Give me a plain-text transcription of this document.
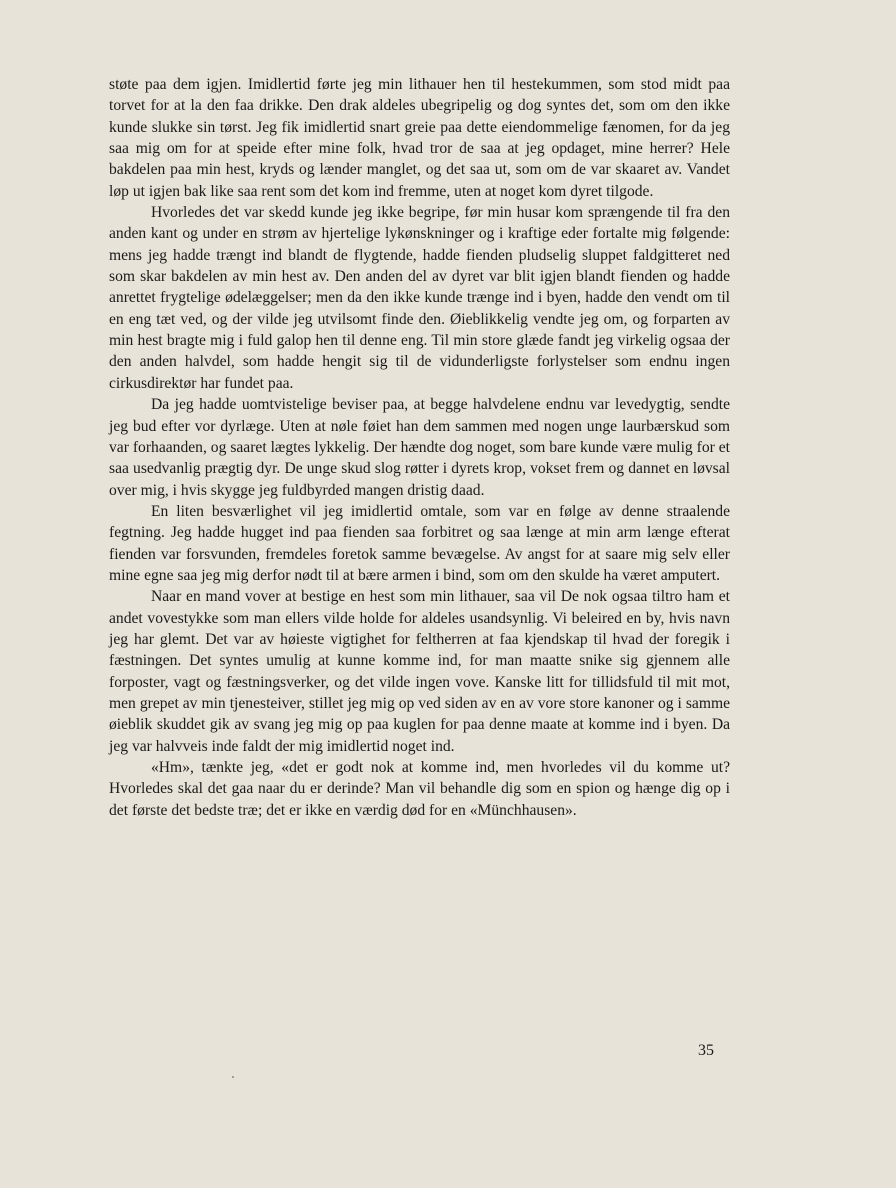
støte paa dem igjen. Imidlertid førte jeg min lithauer hen til hestekummen, som stod midt paa torvet for at la den faa drikke. Den drak aldeles ubegripelig og dog syntes det, som om den ikke kunde slukke sin tørst. Jeg fik imidlertid snart greie paa dette eiendommelige fænomen, for da jeg saa mig om for at speide efter mine folk, hvad tror de saa at jeg opdaget, mine herrer? Hele bakdelen paa min hest, kryds og lænder manglet, og det saa ut, som om de var skaaret av. Vandet løp ut igjen bak like saa rent som det kom ind fremme, uten at noget kom dyret tilgode.

Hvorledes det var skedd kunde jeg ikke begripe, før min husar kom sprængende til fra den anden kant og under en strøm av hjertelige lykønskninger og i kraftige eder fortalte mig følgende: mens jeg hadde trængt ind blandt de flygtende, hadde fienden pludselig sluppet faldgitteret ned som skar bakdelen av min hest av. Den anden del av dyret var blit igjen blandt fienden og hadde anrettet frygtelige ødelæggelser; men da den ikke kunde trænge ind i byen, hadde den vendt om til en eng tæt ved, og der vilde jeg utvilsomt finde den. Øieblikkelig vendte jeg om, og forparten av min hest bragte mig i fuld galop hen til denne eng. Til min store glæde fandt jeg virkelig ogsaa der den anden halvdel, som hadde hengit sig til de vidunderligste forlystelser som endnu ingen cirkusdirektør har fundet paa.

Da jeg hadde uomtvistelige beviser paa, at begge halvdelene endnu var levedygtig, sendte jeg bud efter vor dyrlæge. Uten at nøle føiet han dem sammen med nogen unge laurbærskud som var forhaanden, og saaret lægtes lykkelig. Der hændte dog noget, som bare kunde være mulig for et saa usedvanlig prægtig dyr. De unge skud slog røtter i dyrets krop, vokset frem og dannet en løvsal over mig, i hvis skygge jeg fuldbyrded mangen dristig daad.

En liten besværlighet vil jeg imidlertid omtale, som var en følge av denne straalende fegtning. Jeg hadde hugget ind paa fienden saa forbitret og saa længe at min arm længe efterat fienden var forsvunden, fremdeles foretok samme bevægelse. Av angst for at saare mig selv eller mine egne saa jeg mig derfor nødt til at bære armen i bind, som om den skulde ha været amputert.

Naar en mand vover at bestige en hest som min lithauer, saa vil De nok ogsaa tiltro ham et andet vovestykke som man ellers vilde holde for aldeles usandsynlig. Vi beleired en by, hvis navn jeg har glemt. Det var av høieste vigtighet for feltherren at faa kjendskap til hvad der foregik i fæstningen. Det syntes umulig at kunne komme ind, for man maatte snike sig gjennem alle forposter, vagt og fæstningsverker, og det vilde ingen vove. Kanske litt for tillidsfuld til mit mot, men grepet av min tjenesteiver, stillet jeg mig op ved siden av en av vore store kanoner og i samme øieblik skuddet gik av svang jeg mig op paa kuglen for paa denne maate at komme ind i byen. Da jeg var halvveis inde faldt der mig imidlertid noget ind.

«Hm», tænkte jeg, «det er godt nok at komme ind, men hvorledes vil du komme ut? Hvorledes skal det gaa naar du er derinde? Man vil behandle dig som en spion og hænge dig op i det første det bedste træ; det er ikke en værdig død for en «Münchhausen».

35
